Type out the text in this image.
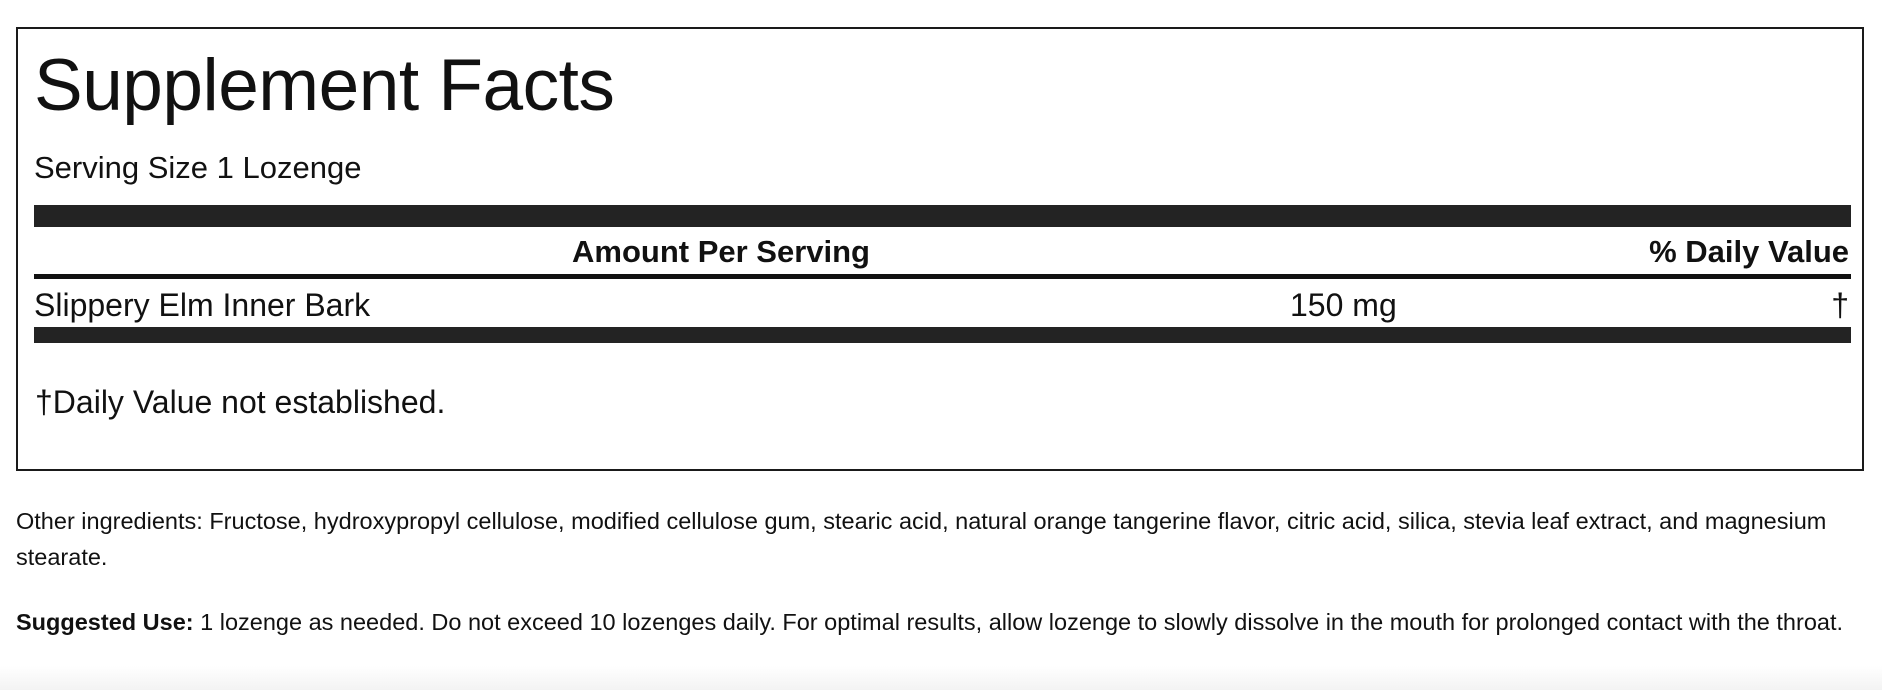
Supplement Facts
Serving Size 1 Lozenge
Amount Per Serving	% Daily Value
Slippery Elm Inner Bark	150 mg	†
†Daily Value not established.

Other ingredients: Fructose, hydroxypropyl cellulose, modified cellulose gum, stearic acid, natural orange tangerine flavor, citric acid, silica, stevia leaf extract, and magnesium stearate.

Suggested Use: 1 lozenge as needed. Do not exceed 10 lozenges daily. For optimal results, allow lozenge to slowly dissolve in the mouth for prolonged contact with the throat.
